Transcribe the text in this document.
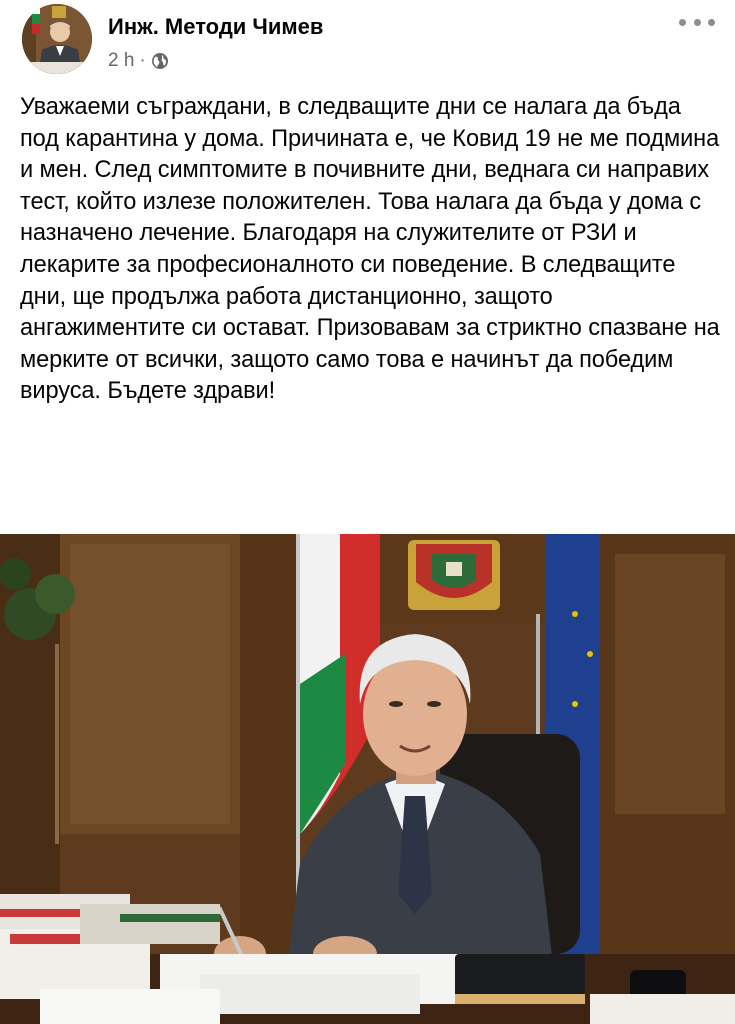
Инж. Методи Чимев
2 h ·

Уважаеми съграждани, в следващите дни се налага да бъда под карантина у дома. Причината е, че Ковид 19 не ме подмина и мен. След симптомите в почивните дни, веднага си направих тест, който излезе положителен. Това налага да бъда у дома с назначено лечение. Благодаря на служителите от РЗИ и лекарите за професионалното си поведение. В следващите дни, ще продължа работа дистанционно, защото ангажиментите си остават. Призовавам за стриктно спазване на мерките от всички, защото само това е начинът да победим вируса. Бъдете здрави!
